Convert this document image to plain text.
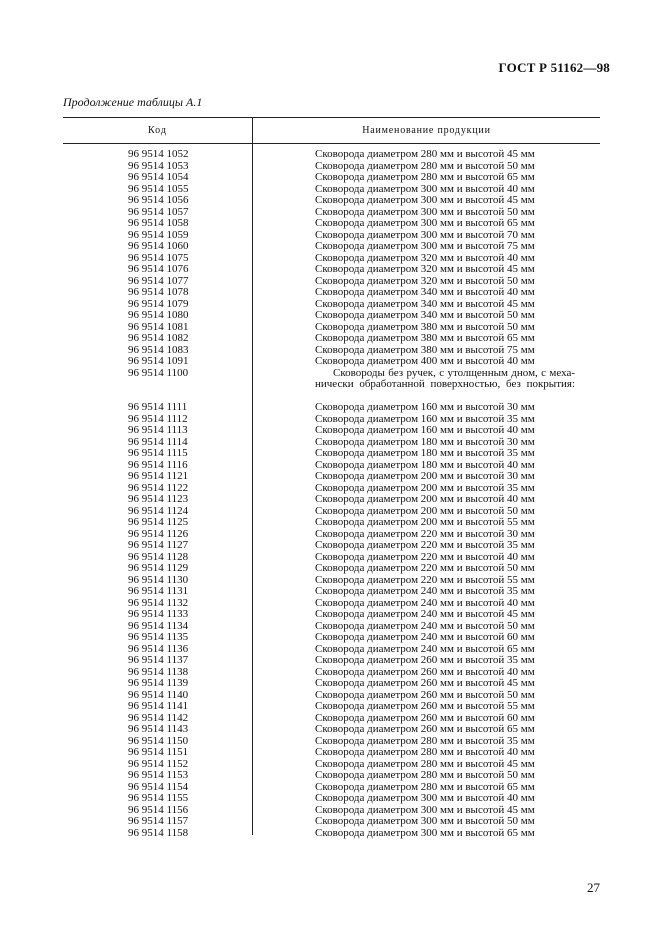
ГОСТ Р 51162—98
Продолжение таблицы А.1
Код	Наименование продукции
96 9514 1052	Сковорода диаметром 280 мм и высотой 45 мм
96 9514 1053	Сковорода диаметром 280 мм и высотой 50 мм
96 9514 1054	Сковорода диаметром 280 мм и высотой 65 мм
96 9514 1055	Сковорода диаметром 300 мм и высотой 40 мм
96 9514 1056	Сковорода диаметром 300 мм и высотой 45 мм
96 9514 1057	Сковорода диаметром 300 мм и высотой 50 мм
96 9514 1058	Сковорода диаметром 300 мм и высотой 65 мм
96 9514 1059	Сковорода диаметром 300 мм и высотой 70 мм
96 9514 1060	Сковорода диаметром 300 мм и высотой 75 мм
96 9514 1075	Сковорода диаметром 320 мм и высотой 40 мм
96 9514 1076	Сковорода диаметром 320 мм и высотой 45 мм
96 9514 1077	Сковорода диаметром 320 мм и высотой 50 мм
96 9514 1078	Сковорода диаметром 340 мм и высотой 40 мм
96 9514 1079	Сковорода диаметром 340 мм и высотой 45 мм
96 9514 1080	Сковорода диаметром 340 мм и высотой 50 мм
96 9514 1081	Сковорода диаметром 380 мм и высотой 50 мм
96 9514 1082	Сковорода диаметром 380 мм и высотой 65 мм
96 9514 1083	Сковорода диаметром 380 мм и высотой 75 мм
96 9514 1091	Сковорода диаметром 400 мм и высотой 40 мм
96 9514 1100	Сковороды без ручек, с утолщенным дном, с меха-
нически обработанной поверхностью, без покрытия:
96 9514 1111	Сковорода диаметром 160 мм и высотой 30 мм
96 9514 1112	Сковорода диаметром 160 мм и высотой 35 мм
96 9514 1113	Сковорода диаметром 160 мм и высотой 40 мм
96 9514 1114	Сковорода диаметром 180 мм и высотой 30 мм
96 9514 1115	Сковорода диаметром 180 мм и высотой 35 мм
96 9514 1116	Сковорода диаметром 180 мм и высотой 40 мм
96 9514 1121	Сковорода диаметром 200 мм и высотой 30 мм
96 9514 1122	Сковорода диаметром 200 мм и высотой 35 мм
96 9514 1123	Сковорода диаметром 200 мм и высотой 40 мм
96 9514 1124	Сковорода диаметром 200 мм и высотой 50 мм
96 9514 1125	Сковорода диаметром 200 мм и высотой 55 мм
96 9514 1126	Сковорода диаметром 220 мм и высотой 30 мм
96 9514 1127	Сковорода диаметром 220 мм и высотой 35 мм
96 9514 1128	Сковорода диаметром 220 мм и высотой 40 мм
96 9514 1129	Сковорода диаметром 220 мм и высотой 50 мм
96 9514 1130	Сковорода диаметром 220 мм и высотой 55 мм
96 9514 1131	Сковорода диаметром 240 мм и высотой 35 мм
96 9514 1132	Сковорода диаметром 240 мм и высотой 40 мм
96 9514 1133	Сковорода диаметром 240 мм и высотой 45 мм
96 9514 1134	Сковорода диаметром 240 мм и высотой 50 мм
96 9514 1135	Сковорода диаметром 240 мм и высотой 60 мм
96 9514 1136	Сковорода диаметром 240 мм и высотой 65 мм
96 9514 1137	Сковорода диаметром 260 мм и высотой 35 мм
96 9514 1138	Сковорода диаметром 260 мм и высотой 40 мм
96 9514 1139	Сковорода диаметром 260 мм и высотой 45 мм
96 9514 1140	Сковорода диаметром 260 мм и высотой 50 мм
96 9514 1141	Сковорода диаметром 260 мм и высотой 55 мм
96 9514 1142	Сковорода диаметром 260 мм и высотой 60 мм
96 9514 1143	Сковорода диаметром 260 мм и высотой 65 мм
96 9514 1150	Сковорода диаметром 280 мм и высотой 35 мм
96 9514 1151	Сковорода диаметром 280 мм и высотой 40 мм
96 9514 1152	Сковорода диаметром 280 мм и высотой 45 мм
96 9514 1153	Сковорода диаметром 280 мм и высотой 50 мм
96 9514 1154	Сковорода диаметром 280 мм и высотой 65 мм
96 9514 1155	Сковорода диаметром 300 мм и высотой 40 мм
96 9514 1156	Сковорода диаметром 300 мм и высотой 45 мм
96 9514 1157	Сковорода диаметром 300 мм и высотой 50 мм
96 9514 1158	Сковорода диаметром 300 мм и высотой 65 мм
27
